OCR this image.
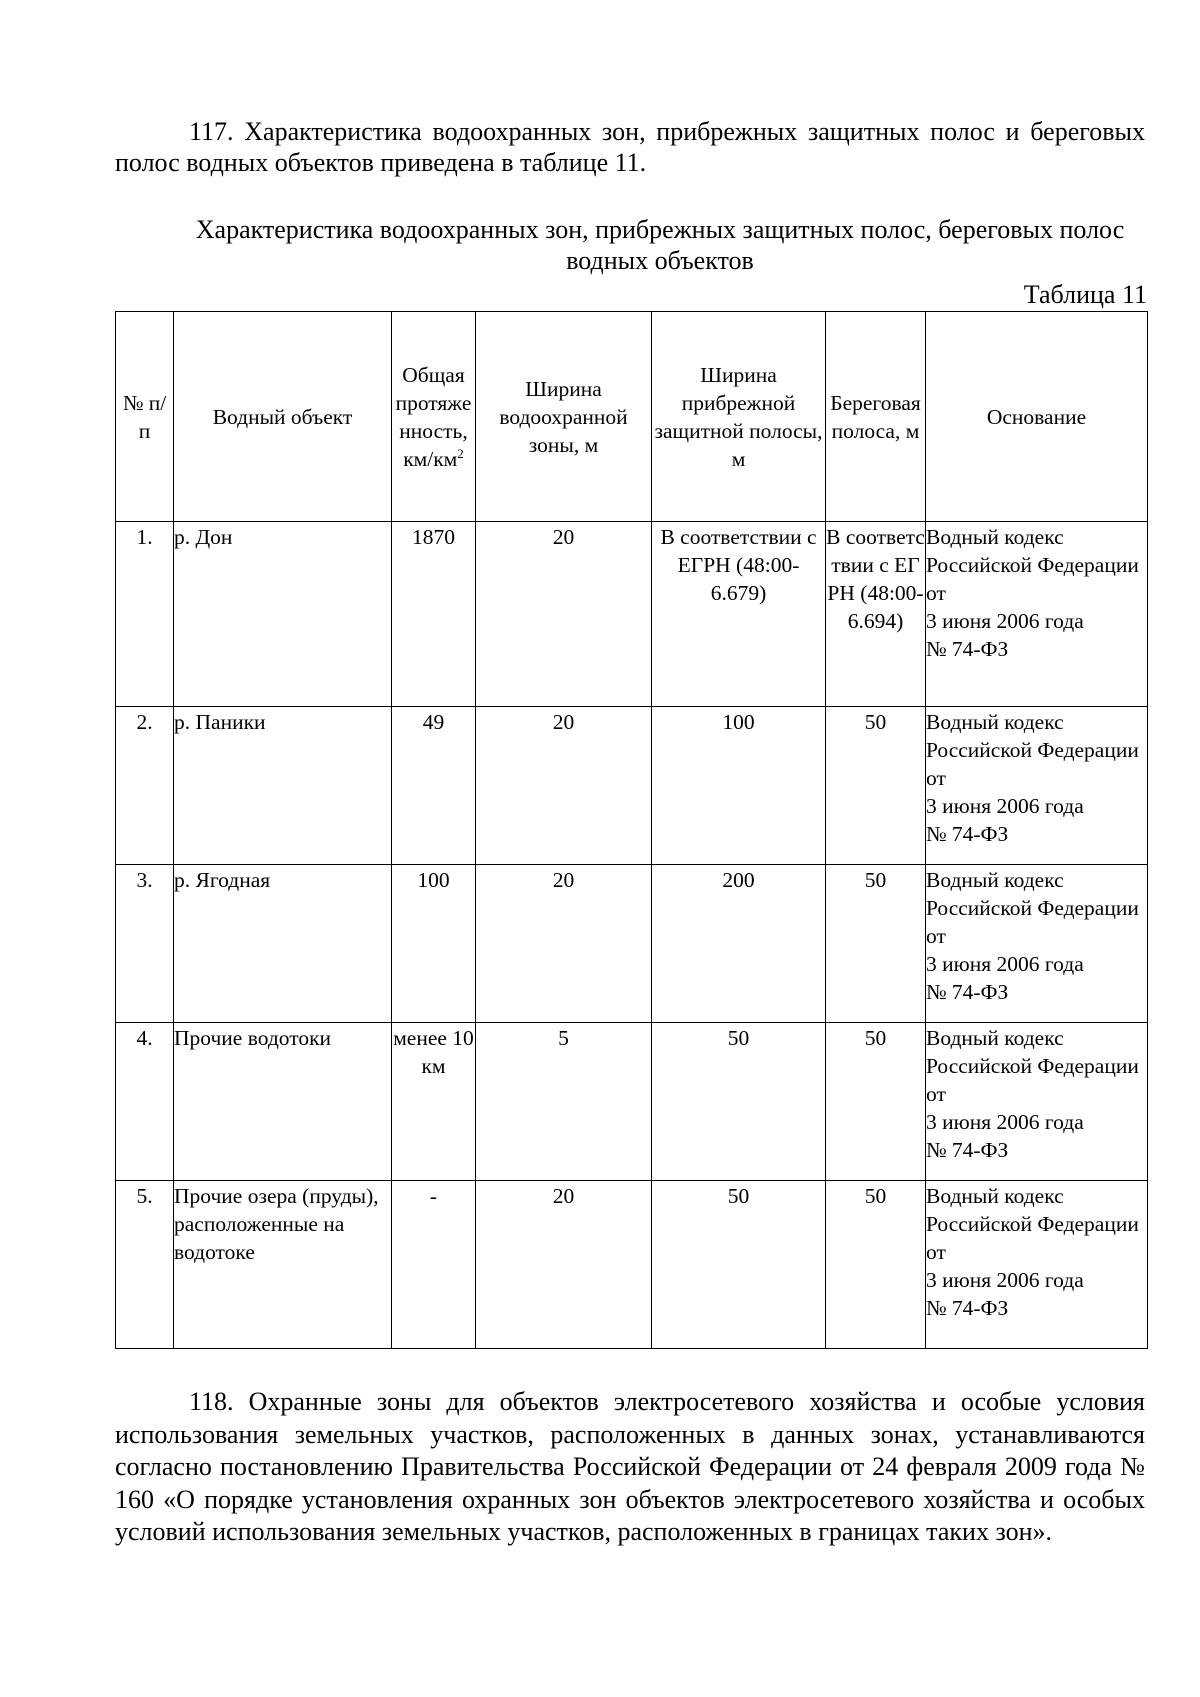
117. Характеристика водоохранных зон, прибрежных защитных полос и береговых полос водных объектов приведена в таблице 11.

Характеристика водоохранных зон, прибрежных защитных полос, береговых полос водных объектов
Таблица 11
№ п/п	Водный объект	Общая протяженность, $км/км^2$	Ширина водоохранной зоны, м	Ширина прибрежной защитной полосы, м	Береговая полоса, м	Основание
1.	р. Дон	1870	20	В соответствии с ЕГРН (48:00-6.679)	В соответствии с ЕГРН (48:00-6.694)	Водный кодекс Российской Федерации от
3 июня 2006 года
№ 74-ФЗ
2.	р. Паники	49	20	100	50	Водный кодекс Российской Федерации от
3 июня 2006 года
№ 74-ФЗ
3.	р. Ягодная	100	20	200	50	Водный кодекс Российской Федерации от
3 июня 2006 года
№ 74-ФЗ
4.	Прочие водотоки	менее 10 км	5	50	50	Водный кодекс Российской Федерации от
3 июня 2006 года
№ 74-ФЗ
5.	Прочие озера (пруды), расположенные на водотоке	-	20	50	50	Водный кодекс Российской Федерации от
3 июня 2006 года
№ 74-ФЗ

118. Охранные зоны для объектов электросетевого хозяйства и особые условия использования земельных участков, расположенных в данных зонах, устанавливаются согласно постановлению Правительства Российской Федерации от 24 февраля 2009 года № 160 «О порядке установления охранных зон объектов электросетевого хозяйства и особых условий использования земельных участков, расположенных в границах таких зон».
